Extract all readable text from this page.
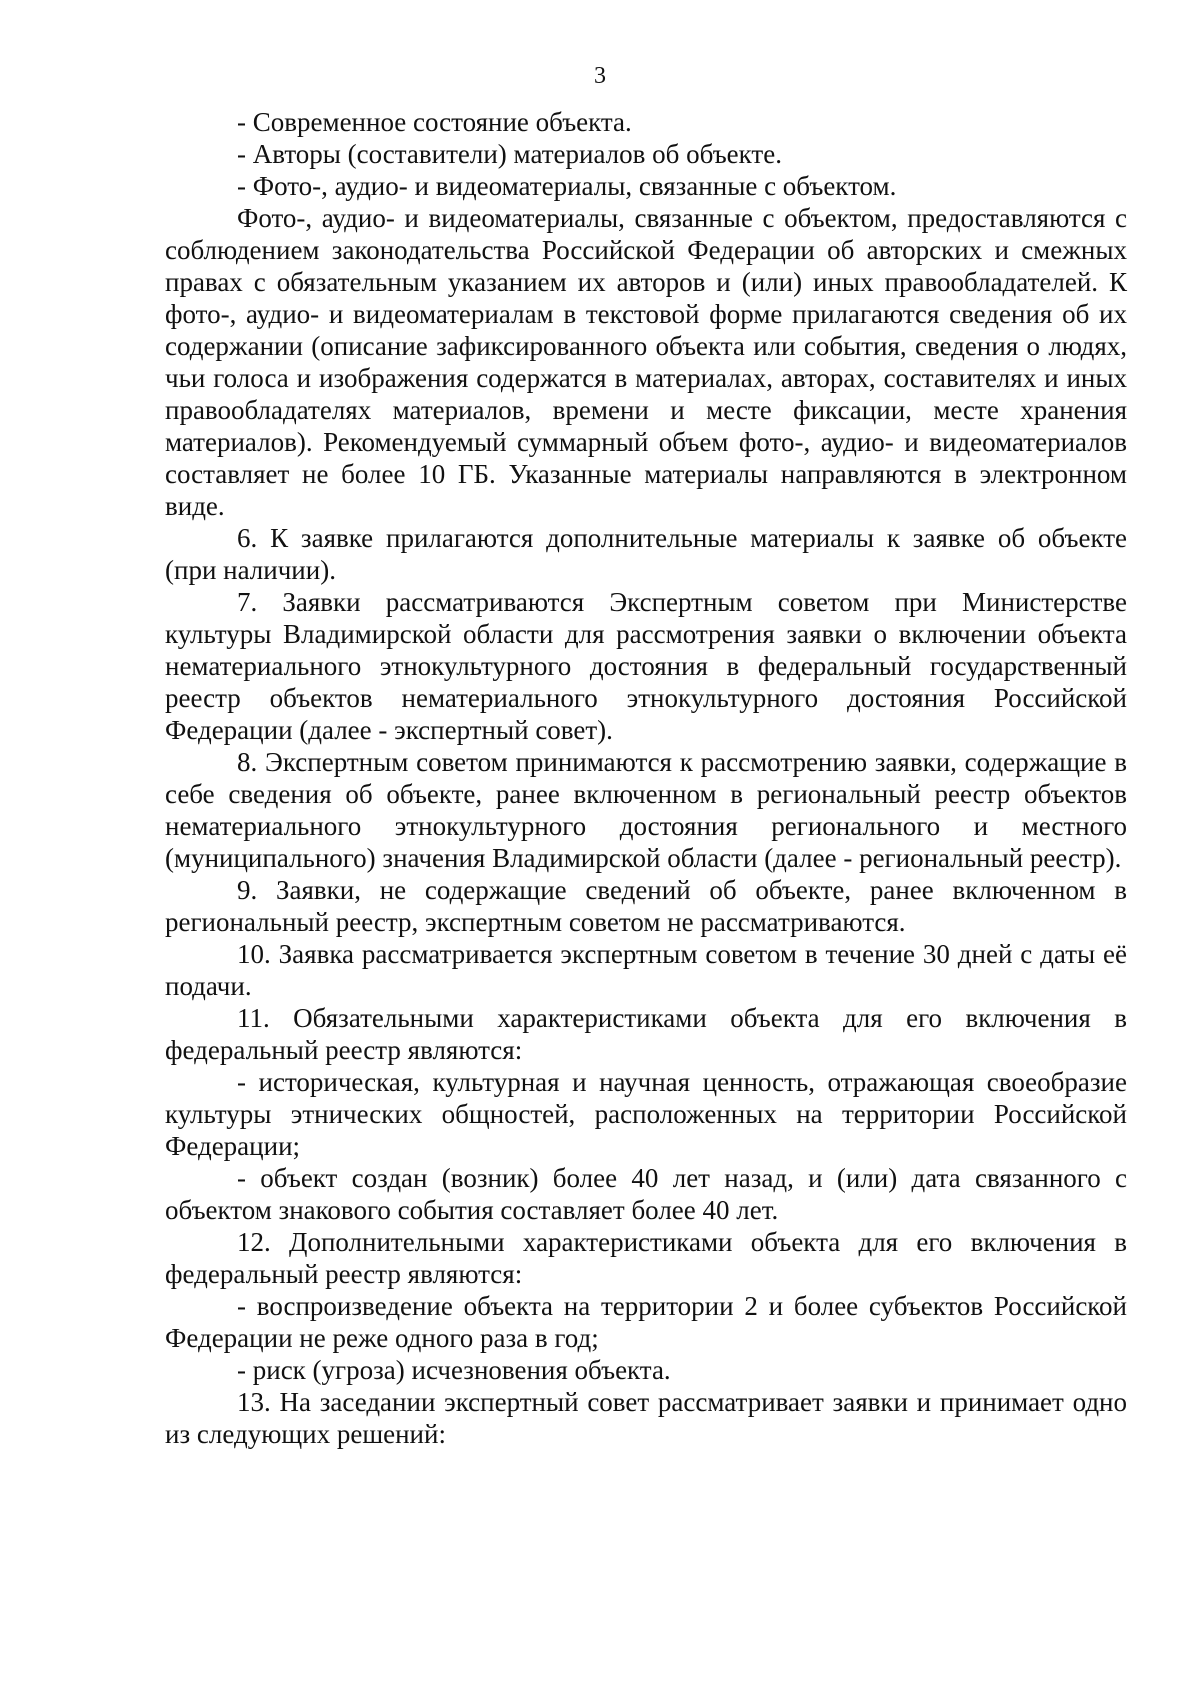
3

- Современное состояние объекта.

- Авторы (составители) материалов об объекте.

- Фото-, аудио- и видеоматериалы, связанные с объектом.

Фото-, аудио- и видеоматериалы, связанные с объектом, предоставляются с соблюдением законодательства Российской Федерации об авторских и смежных правах с обязательным указанием их авторов и (или) иных правообладателей. К фото-, аудио- и видеоматериалам в текстовой форме прилагаются сведения об их содержании (описание зафиксированного объекта или события, сведения о людях, чьи голоса и изображения содержатся в материалах, авторах, составителях и иных правообладателях материалов, времени и месте фиксации, месте хранения материалов). Рекомендуемый суммарный объем фото-, аудио- и видеоматериалов составляет не более 10 ГБ. Указанные материалы направляются в электронном виде.

6. К заявке прилагаются дополнительные материалы к заявке об объекте (при наличии).

7. Заявки рассматриваются Экспертным советом при Министерстве культуры Владимирской области для рассмотрения заявки о включении объекта нематериального этнокультурного достояния в федеральный государственный реестр объектов нематериального этнокультурного достояния Российской Федерации (далее - экспертный совет).

8. Экспертным советом принимаются к рассмотрению заявки, содержащие в себе сведения об объекте, ранее включенном в региональный реестр объектов нематериального этнокультурного достояния регионального и местного (муниципального) значения Владимирской области (далее - региональный реестр).

9. Заявки, не содержащие сведений об объекте, ранее включенном в региональный реестр, экспертным советом не рассматриваются.

10. Заявка рассматривается экспертным советом в течение 30 дней с даты её подачи.

11. Обязательными характеристиками объекта для его включения в федеральный реестр являются:

- историческая, культурная и научная ценность, отражающая своеобразие культуры этнических общностей, расположенных на территории Российской Федерации;

- объект создан (возник) более 40 лет назад, и (или) дата связанного с объектом знакового события составляет более 40 лет.

12. Дополнительными характеристиками объекта для его включения в федеральный реестр являются:

- воспроизведение объекта на территории 2 и более субъектов Российской Федерации не реже одного раза в год;

- риск (угроза) исчезновения объекта.

13. На заседании экспертный совет рассматривает заявки и принимает одно из следующих решений:
